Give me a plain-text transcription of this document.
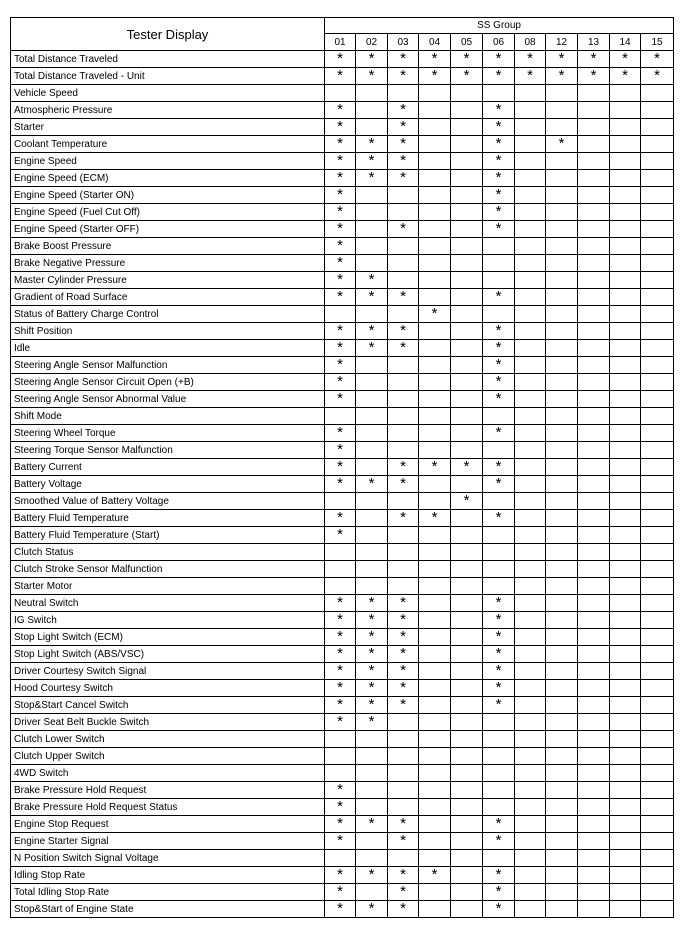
Tester Display	SS Group										
	01	02	03	04	05	06	08	12	13	14	15
Total Distance Traveled	*	*	*	*	*	*	*	*	*	*	*
Total Distance Traveled - Unit	*	*	*	*	*	*	*	*	*	*	*
Vehicle Speed											
Atmospheric Pressure	*		*			*					
Starter	*		*			*					
Coolant Temperature	*	*	*			*		*			
Engine Speed	*	*	*			*					
Engine Speed (ECM)	*	*	*			*					
Engine Speed (Starter ON)	*					*					
Engine Speed (Fuel Cut Off)	*					*					
Engine Speed (Starter OFF)	*		*			*					
Brake Boost Pressure	*										
Brake Negative Pressure	*										
Master Cylinder Pressure	*	*									
Gradient of Road Surface	*	*	*			*					
Status of Battery Charge Control				*							
Shift Position	*	*	*			*					
Idle	*	*	*			*					
Steering Angle Sensor Malfunction	*					*					
Steering Angle Sensor Circuit Open (+B)	*					*					
Steering Angle Sensor Abnormal Value	*					*					
Shift Mode											
Steering Wheel Torque	*					*					
Steering Torque Sensor Malfunction	*										
Battery Current	*		*	*	*	*					
Battery Voltage	*	*	*			*					
Smoothed Value of Battery Voltage					*						
Battery Fluid Temperature	*		*	*		*					
Battery Fluid Temperature (Start)	*										
Clutch Status											
Clutch Stroke Sensor Malfunction											
Starter Motor											
Neutral Switch	*	*	*			*					
IG Switch	*	*	*			*					
Stop Light Switch (ECM)	*	*	*			*					
Stop Light Switch (ABS/VSC)	*	*	*			*					
Driver Courtesy Switch Signal	*	*	*			*					
Hood Courtesy Switch	*	*	*			*					
Stop&Start Cancel Switch	*	*	*			*					
Driver Seat Belt Buckle Switch	*	*									
Clutch Lower Switch											
Clutch Upper Switch											
4WD Switch											
Brake Pressure Hold Request	*										
Brake Pressure Hold Request Status	*										
Engine Stop Request	*	*	*			*					
Engine Starter Signal	*		*			*					
N Position Switch Signal Voltage											
Idling Stop Rate	*	*	*	*		*					
Total Idling Stop Rate	*		*			*					
Stop&Start of Engine State	*	*	*			*					
